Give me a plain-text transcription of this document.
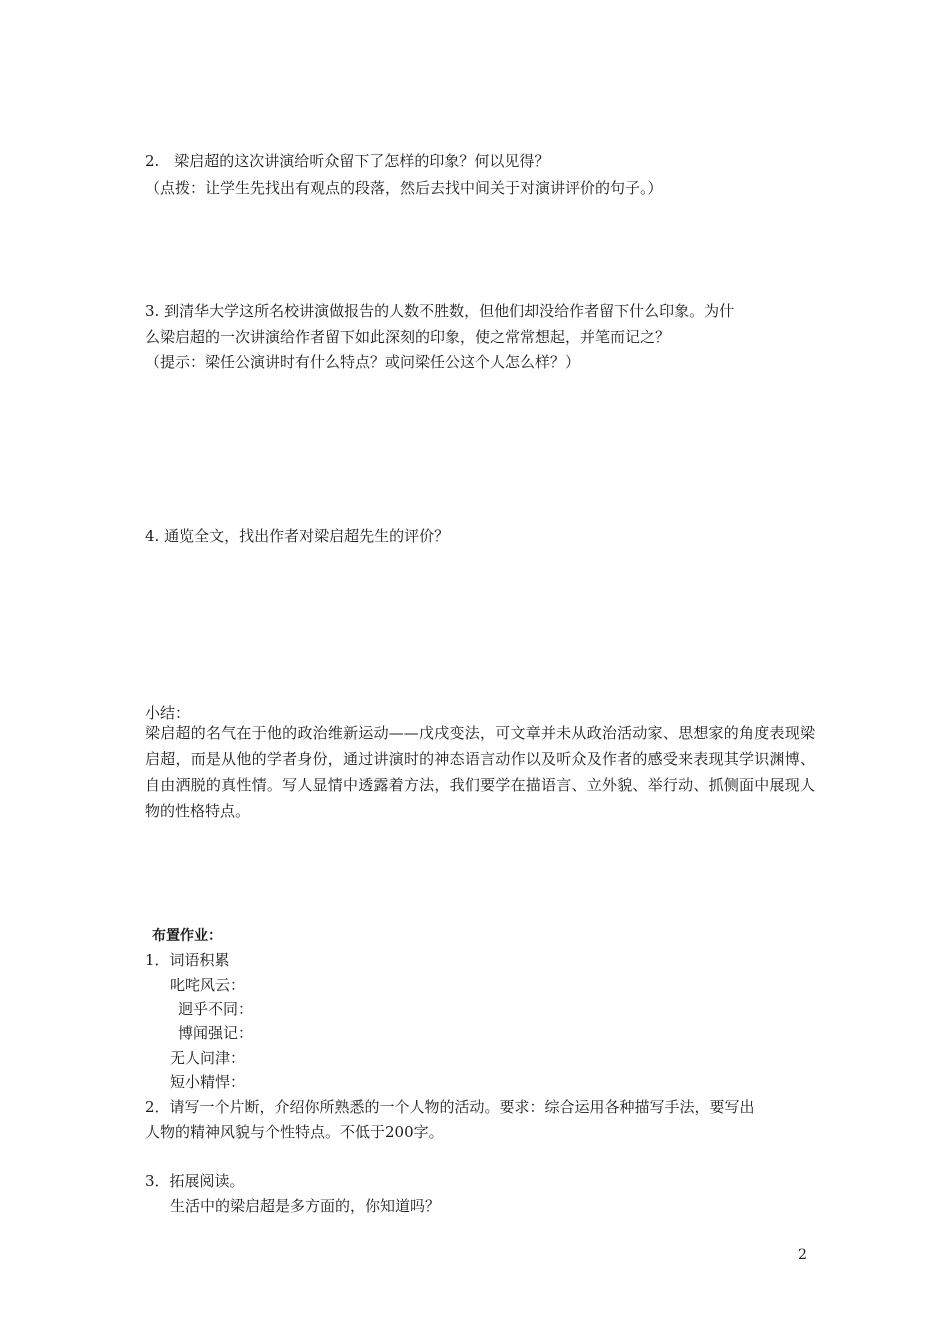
2.　梁启超的这次讲演给听众留下了怎样的印象？何以见得？
（点拨：让学生先找出有观点的段落，然后去找中间关于对演讲评价的句子。）
3. 到清华大学这所名校讲演做报告的人数不胜数，但他们却没给作者留下什么印象。为什
么梁启超的一次讲演给作者留下如此深刻的印象，使之常常想起，并笔而记之？
（提示：梁任公演讲时有什么特点？或问梁任公这个人怎么样？）
4. 通览全文，找出作者对梁启超先生的评价？
小结：
梁启超的名气在于他的政治维新运动——戊戌变法，可文章并未从政治活动家、思想家的角度表现梁启超，而是从他的学者身份，通过讲演时的神态语言动作以及听众及作者的感受来表现其学识渊博、自由洒脱的真性情。写人显情中透露着方法，我们要学在描语言、立外貌、举行动、抓侧面中展现人物的性格特点。
布置作业：
1．词语积累
叱咤风云：
迥乎不同：
博闻强记：
无人问津：
短小精悍：
2．请写一个片断，介绍你所熟悉的一个人物的活动。要求：综合运用各种描写手法，要写出
人物的精神风貌与个性特点。不低于200字。
3．拓展阅读。
生活中的梁启超是多方面的，你知道吗？
2
